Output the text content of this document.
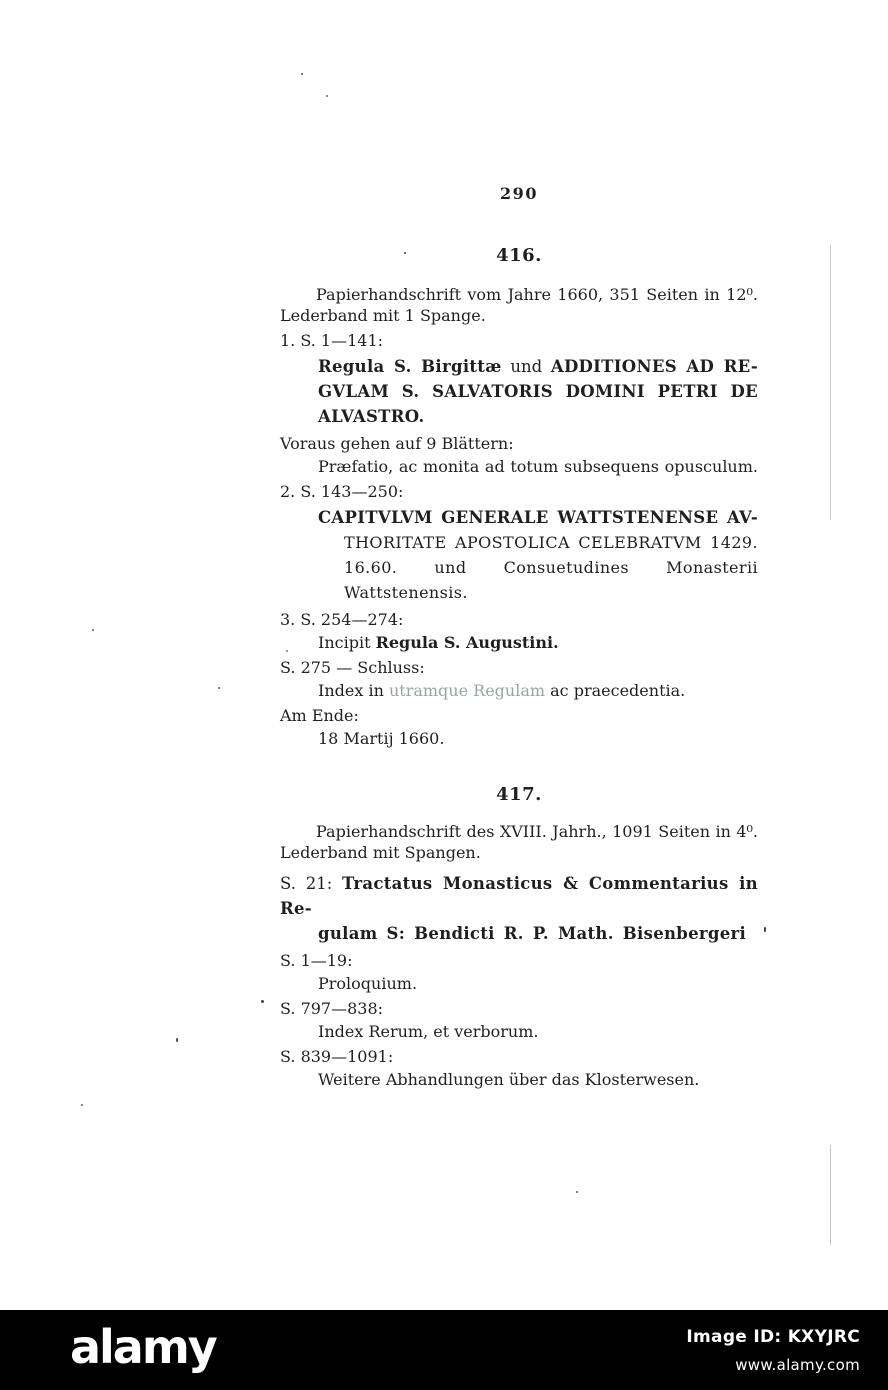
290
416.
Papierhandschrift vom Jahre 1660, 351 Seiten in 12⁰.
Lederband mit 1 Spange.
1. S. 1—141:
Regula S. Birgittæ und ADDITIONES AD RE-
GVLAM S. SALVATORIS DOMINI PETRI DE
ALVASTRO.
Voraus gehen auf 9 Blättern:
Præfatio, ac monita ad totum subsequens opusculum.
2. S. 143—250:
CAPITVLVM GENERALE WATTSTENENSE AV-
THORITATE APOSTOLICA CELEBRATVM 1429.
16.60. und Consuetudines Monasterii Wattstenensis.
3. S. 254—274:
Incipit Regula S. Augustini.
S. 275 — Schluss:
Index in utramque Regulam ac praecedentia.
Am Ende:
18 Martij 1660.
417.
Papierhandschrift des XVIII. Jahrh., 1091 Seiten in 4⁰.
Lederband mit Spangen.
S. 21: Tractatus Monasticus & Commentarius in Re-
gulam S: Bendicti R. P. Math. Bisenbergeri
S. 1—19:
Proloquium.
S. 797—838:
Index Rerum, et verborum.
S. 839—1091:
Weitere Abhandlungen über das Klosterwesen.
alamy	Image ID: KXYJRC
www.alamy.com
